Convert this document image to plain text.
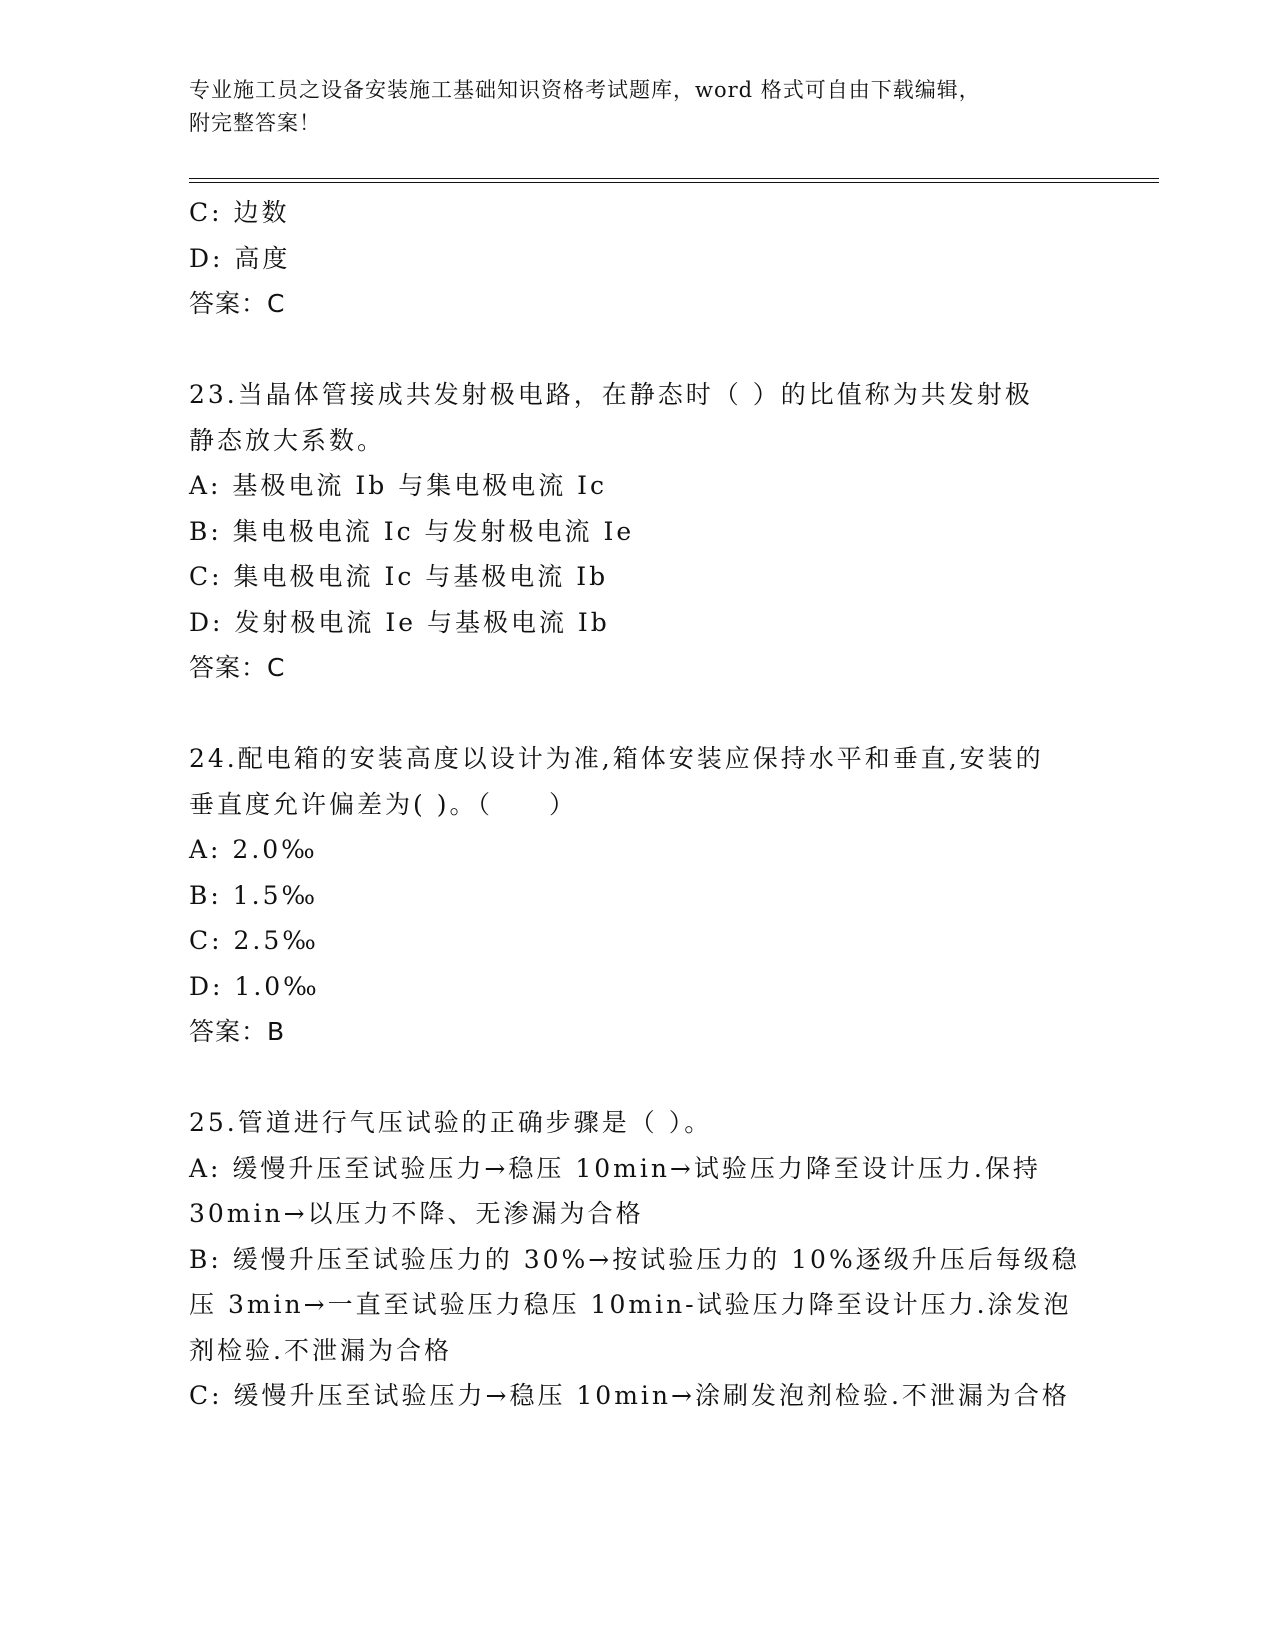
专业施工员之设备安装施工基础知识资格考试题库，word 格式可自由下载编辑，
附完整答案！
C: 边数
D: 高度
答案：C
23.当晶体管接成共发射极电路，在静态时（ ）的比值称为共发射极
静态放大系数。
A: 基极电流 Ib 与集电极电流 Ic
B: 集电极电流 Ic 与发射极电流 Ie
C: 集电极电流 Ic 与基极电流 Ib
D: 发射极电流 Ie 与基极电流 Ib
答案：C
24.配电箱的安装高度以设计为准,箱体安装应保持水平和垂直,安装的
垂直度允许偏差为( )。（　　）
A: 2.0‰
B: 1.5‰
C: 2.5‰
D: 1.0‰
答案：B
25.管道进行气压试验的正确步骤是（ ）。
A: 缓慢升压至试验压力→稳压 10min→试验压力降至设计压力.保持
30min→以压力不降、无渗漏为合格
B: 缓慢升压至试验压力的 30%→按试验压力的 10%逐级升压后每级稳
压 3min→一直至试验压力稳压 10min-试验压力降至设计压力.涂发泡
剂检验.不泄漏为合格
C: 缓慢升压至试验压力→稳压 10min→涂刷发泡剂检验.不泄漏为合格
